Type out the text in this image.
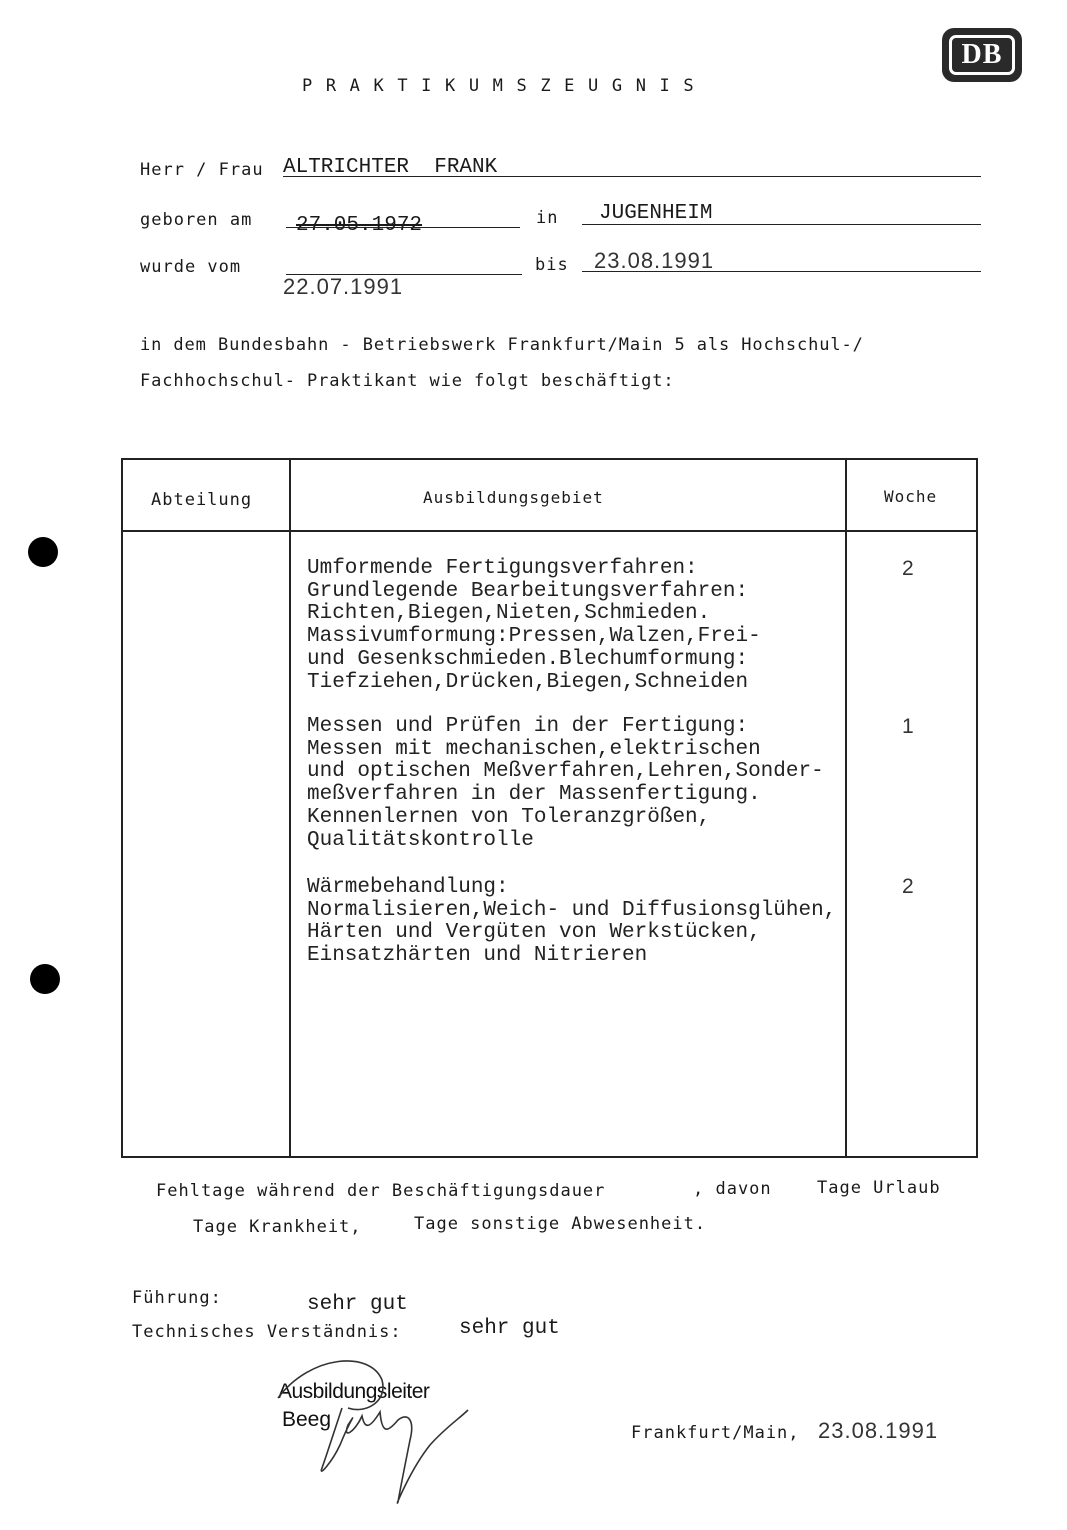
DB
PRAKTIKUMSZEUGNIS
Herr / Frau ALTRICHTER  FRANK
geboren am 27.05.1972	in JUGENHEIM
wurde vom
22.07.1991
bis 23.08.1991
in dem Bundesbahn - Betriebswerk Frankfurt/Main 5 als Hochschul-/
Fachhochschul- Praktikant wie folgt beschäftigt:
Abteilung	Ausbildungsgebiet	Woche
Umformende Fertigungsverfahren:
Grundlegende Bearbeitungsverfahren:
Richten,Biegen,Nieten,Schmieden.
Massivumformung:Pressen,Walzen,Frei-
und Gesenkschmieden.Blechumformung:
Tiefziehen,Drücken,Biegen,Schneiden
2
Messen und Prüfen in der Fertigung:
Messen mit mechanischen,elektrischen
und optischen Meßverfahren,Lehren,Sonder-
meßverfahren in der Massenfertigung.
Kennenlernen von Toleranzgrößen,
Qualitätskontrolle
1
Wärmebehandlung:
Normalisieren,Weich- und Diffusionsglühen,
Härten und Vergüten von Werkstücken,
Einsatzhärten und Nitrieren
2
Fehltage während der Beschäftigungsdauer	, davon	Tage Urlaub
Tage Krankheit,	Tage sonstige Abwesenheit.
Führung:	sehr gut
Technisches Verständnis:	sehr gut
Ausbildungsleiter
Beeg
Frankfurt/Main, 23.08.1991
